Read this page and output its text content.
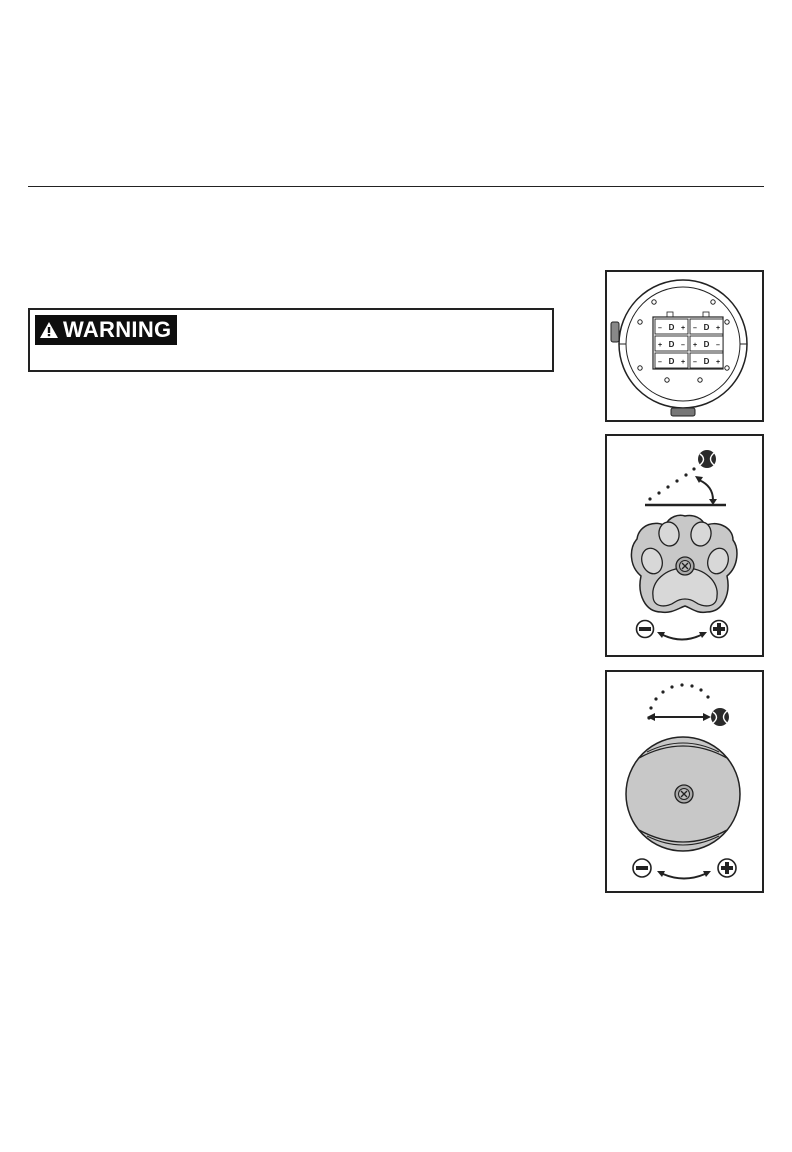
WARNING	– D + – D +
+ D – + D –
– D + – D +
